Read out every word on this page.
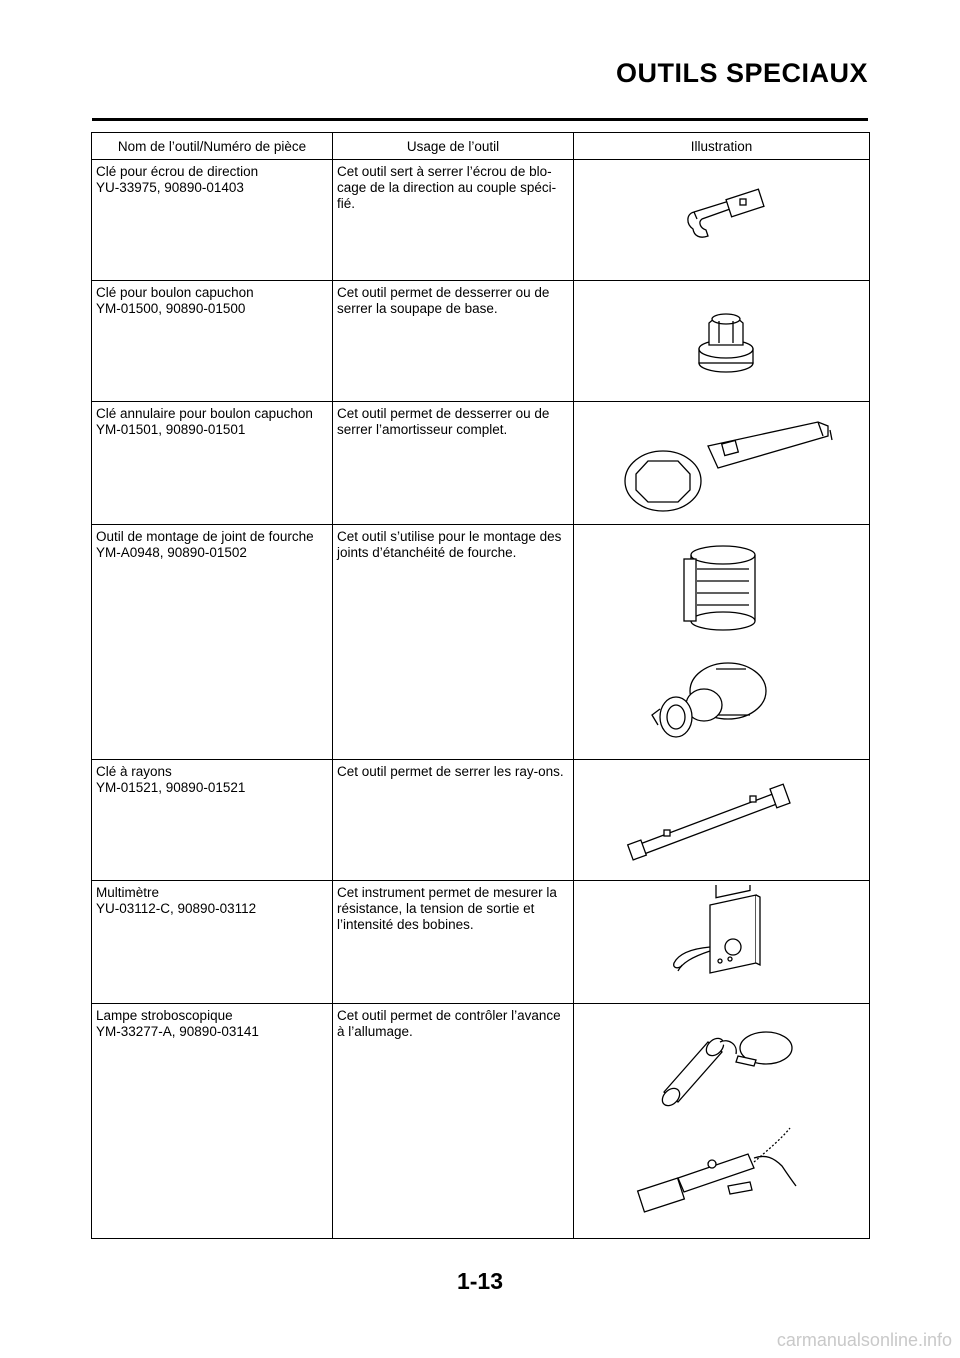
OUTILS SPECIAUX
Nom de l’outil/Numéro de pièce	Usage de l’outil	Illustration

Clé pour écrou de direction
YU-33975, 90890-01403	Cet outil sert à serrer l’écrou de blo-cage de la direction au couple spéci-fié.	

Clé pour boulon capuchon
YM-01500, 90890-01500	Cet outil permet de desserrer ou de serrer la soupape de base.	

Clé annulaire pour boulon capuchon
YM-01501, 90890-01501	Cet outil permet de desserrer ou de serrer l’amortisseur complet.	

Outil de montage de joint de fourche
YM-A0948, 90890-01502	Cet outil s’utilise pour le montage des joints d’étanchéité de fourche.	

Clé à rayons
YM-01521, 90890-01521	Cet outil permet de serrer les ray-ons.	

Multimètre
YU-03112-C, 90890-03112	Cet instrument permet de mesurer la résistance, la tension de sortie et l’intensité des bobines.	

Lampe stroboscopique
YM-33277-A, 90890-03141	Cet outil permet de contrôler l’avance à l’allumage.	
1-13
carmanualsonline.info
